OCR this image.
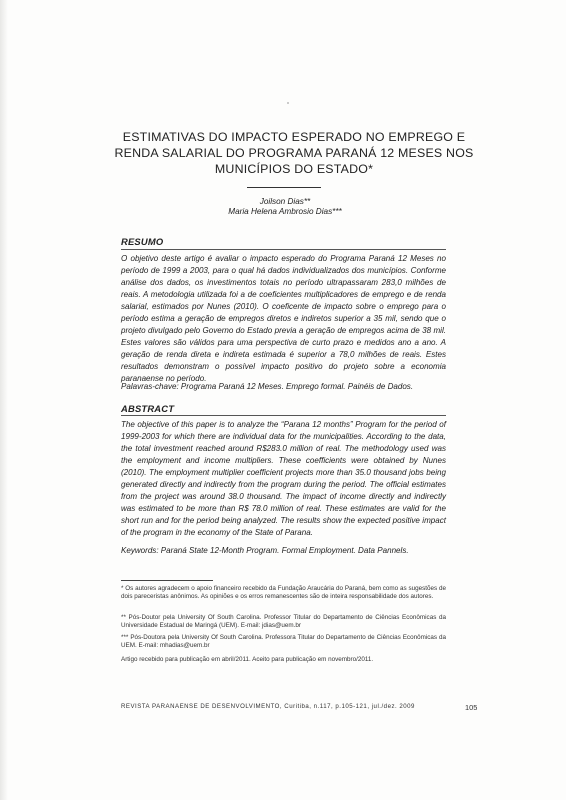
ESTIMATIVAS DO IMPACTO ESPERADO NO EMPREGO E RENDA SALARIAL DO PROGRAMA PARANÁ 12 MESES NOS MUNICÍPIOS DO ESTADO*

Joilson Dias**

Maria Helena Ambrosio Dias***

RESUMO

O objetivo deste artigo é avaliar o impacto esperado do Programa Paraná 12 Meses no período de 1999 a 2003, para o qual há dados individualizados dos municípios. Conforme análise dos dados, os investimentos totais no período ultrapassaram 283,0 milhões de reais. A metodologia utilizada foi a de coeficientes multiplicadores de emprego e de renda salarial, estimados por Nunes (2010). O coeficente de impacto sobre o emprego para o período estima a geração de empregos diretos e indiretos superior a 35 mil, sendo que o projeto divulgado pelo Governo do Estado previa a geração de empregos acima de 38 mil. Estes valores são válidos para uma perspectiva de curto prazo e medidos ano a ano. A geração de renda direta e indireta estimada é superior a 78,0 milhões de reais. Estes resultados demonstram o possível impacto positivo do projeto sobre a economia paranaense no período.

Palavras-chave: Programa Paraná 12 Meses. Emprego formal. Painéis de Dados.

ABSTRACT

The objective of this paper is to analyze the “Parana 12 months” Program for the period of 1999-2003 for which there are individual data for the municipalities. According to the data, the total investment reached around R$283.0 million of real. The methodology used was the employment and income multipliers. These coefficients were obtained by Nunes (2010). The employment multiplier coefficient projects more than 35.0 thousand jobs being generated directly and indirectly from the program during the period. The official estimates from the project was around 38.0 thousand. The impact of income directly and indirectly was estimated to be more than R$ 78.0 million of real. These estimates are valid for the short run and for the period being analyzed. The results show the expected positive impact of the program in the economy of the State of Parana.

Keywords: Paraná State 12-Month Program. Formal Employment. Data Pannels.

* Os autores agradecem o apoio financeiro recebido da Fundação Araucária do Paraná, bem como as sugestões de dois pareceristas anônimos. As opiniões e os erros remanescentes são de inteira responsabilidade dos autores.

** Pós-Doutor pela University Of South Carolina. Professor Titular do Departamento de Ciências Econômicas da Universidade Estadual de Maringá (UEM). E-mail: jdias@uem.br

*** Pós-Doutora pela University Of South Carolina. Professora Titular do Departamento de Ciências Econômicas da UEM. E-mail: mhadias@uem.br

Artigo recebido para publicação em abril/2011. Aceito para publicação em novembro/2011.

REVISTA PARANAENSE DE DESENVOLVIMENTO, Curitiba, n.117, p.105-121, jul./dez. 2009	105
